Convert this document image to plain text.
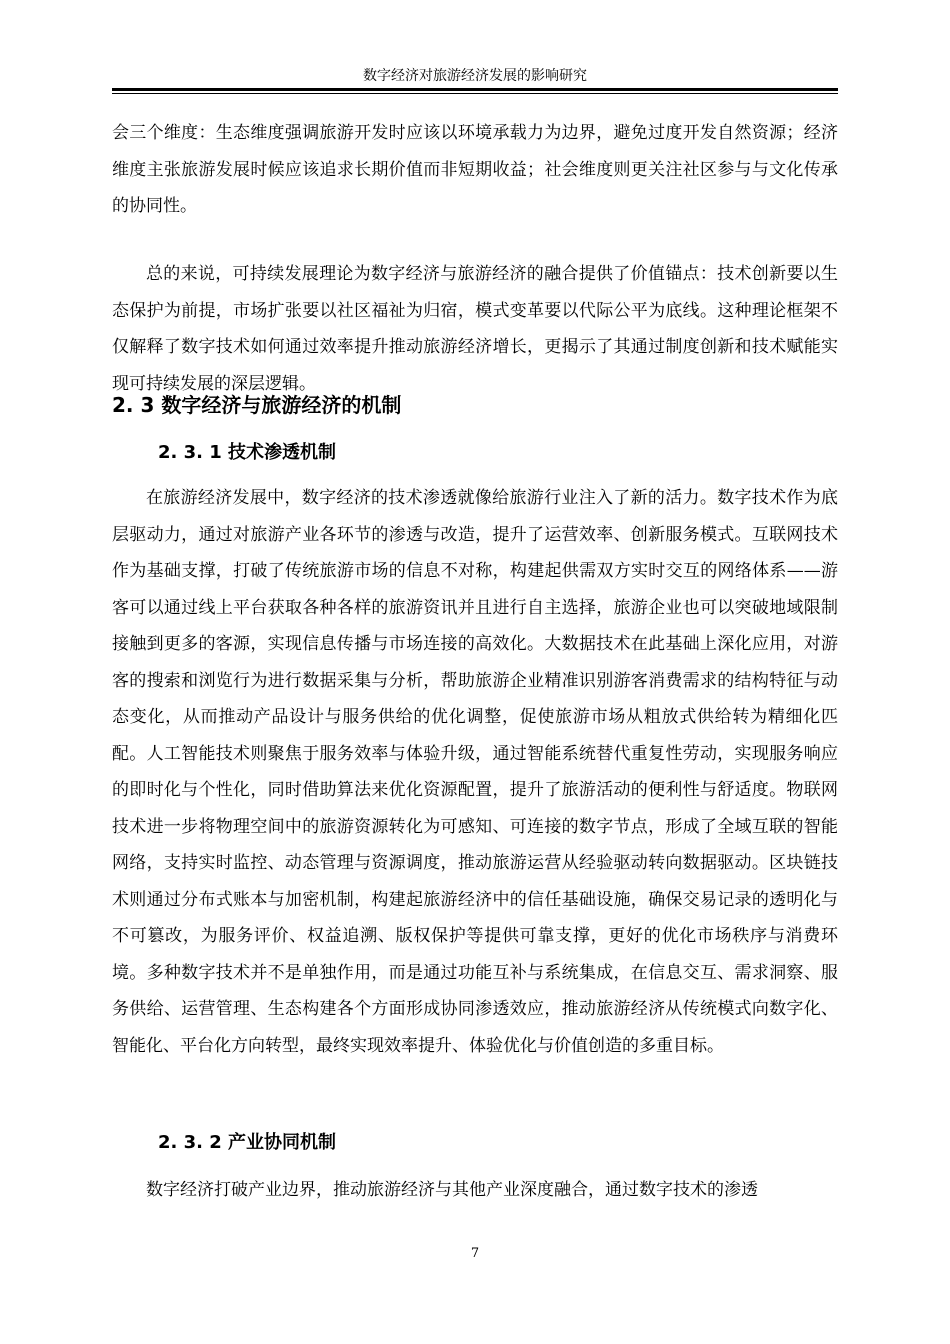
数字经济对旅游经济发展的影响研究
会三个维度：生态维度强调旅游开发时应该以环境承载力为边界，避免过度开发自然资源；经济维度主张旅游发展时候应该追求长期价值而非短期收益；社会维度则更关注社区参与与文化传承的协同性。
总的来说，可持续发展理论为数字经济与旅游经济的融合提供了价值锚点：技术创新要以生态保护为前提，市场扩张要以社区福祉为归宿，模式变革要以代际公平为底线。这种理论框架不仅解释了数字技术如何通过效率提升推动旅游经济增长，更揭示了其通过制度创新和技术赋能实现可持续发展的深层逻辑。
2. 3 数字经济与旅游经济的机制
2. 3. 1 技术渗透机制
在旅游经济发展中，数字经济的技术渗透就像给旅游行业注入了新的活力。数字技术作为底层驱动力，通过对旅游产业各环节的渗透与改造，提升了运营效率、创新服务模式。互联网技术作为基础支撑，打破了传统旅游市场的信息不对称，构建起供需双方实时交互的网络体系——游客可以通过线上平台获取各种各样的旅游资讯并且进行自主选择，旅游企业也可以突破地域限制接触到更多的客源，实现信息传播与市场连接的高效化。大数据技术在此基础上深化应用，对游客的搜索和浏览行为进行数据采集与分析，帮助旅游企业精准识别游客消费需求的结构特征与动态变化，从而推动产品设计与服务供给的优化调整，促使旅游市场从粗放式供给转为精细化匹配。人工智能技术则聚焦于服务效率与体验升级，通过智能系统替代重复性劳动，实现服务响应的即时化与个性化，同时借助算法来优化资源配置，提升了旅游活动的便利性与舒适度。物联网技术进一步将物理空间中的旅游资源转化为可感知、可连接的数字节点，形成了全域互联的智能网络，支持实时监控、动态管理与资源调度，推动旅游运营从经验驱动转向数据驱动。区块链技术则通过分布式账本与加密机制，构建起旅游经济中的信任基础设施，确保交易记录的透明化与不可篡改，为服务评价、权益追溯、版权保护等提供可靠支撑，更好的优化市场秩序与消费环境。多种数字技术并不是单独作用，而是通过功能互补与系统集成，在信息交互、需求洞察、服务供给、运营管理、生态构建各个方面形成协同渗透效应，推动旅游经济从传统模式向数字化、智能化、平台化方向转型，最终实现效率提升、体验优化与价值创造的多重目标。
2. 3. 2 产业协同机制
数字经济打破产业边界，推动旅游经济与其他产业深度融合，通过数字技术的渗透
7
